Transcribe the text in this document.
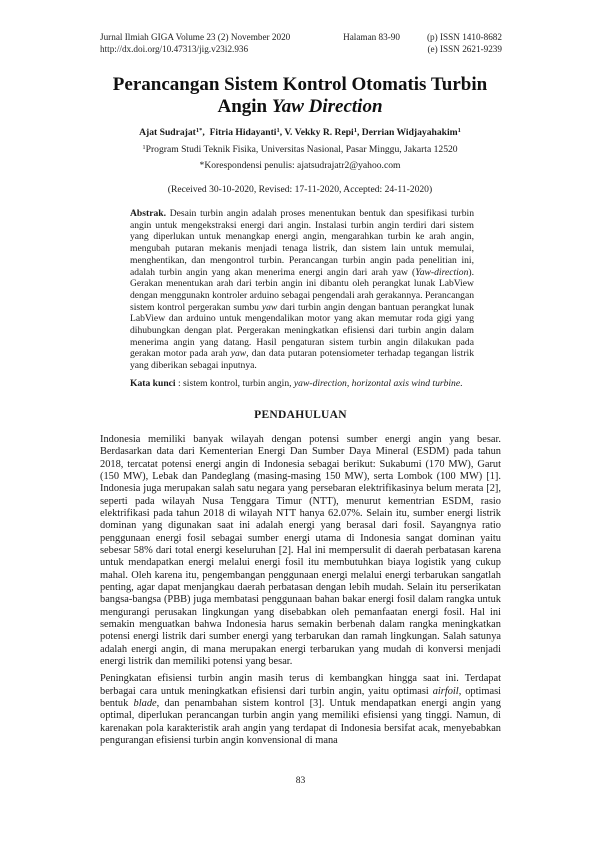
Jurnal Ilmiah GIGA Volume 23 (2) November 2020	Halaman 83-90	(p) ISSN 1410-8682
http://dx.doi.org/10.47313/jig.v23i2.936	(e) ISSN 2621-9239
Perancangan Sistem Kontrol Otomatis Turbin
Angin Yaw Direction
Ajat Sudrajat$^{1*}$,  Fitria Hidayanti$^1$, V. Vekky R. Repi$^1$, Derrian Widjayahakim$^1$
$^1$Program Studi Teknik Fisika, Universitas Nasional, Pasar Minggu, Jakarta 12520
*Korespondensi penulis: ajatsudrajatr2@yahoo.com
(Received 30-10-2020, Revised: 17-11-2020, Accepted: 24-11-2020)
Abstrak. Desain turbin angin adalah proses menentukan bentuk dan spesifikasi turbin angin untuk mengekstraksi energi dari angin. Instalasi turbin angin terdiri dari sistem yang diperlukan untuk menangkap energi angin, mengarahkan turbin ke arah angin, mengubah putaran mekanis menjadi tenaga listrik, dan sistem lain untuk memulai, menghentikan, dan mengontrol turbin. Perancangan turbin angin pada penelitian ini, adalah turbin angin yang akan menerima energi angin dari arah yaw (Yaw-direction). Gerakan menentukan arah dari terbin angin ini dibantu oleh perangkat lunak LabView dengan menggunakn kontroler arduino sebagai pengendali arah gerakannya. Perancangan sistem kontrol pergerakan sumbu yaw dari turbin angin dengan bantuan perangkat lunak LabView dan arduino untuk mengendalikan motor yang akan memutar roda gigi yang dihubungkan dengan plat. Pergerakan meningkatkan efisiensi dari turbin angin dalam menerima angin yang datang. Hasil pengaturan sistem turbin angin dilakukan pada gerakan motor pada arah yaw, dan data putaran potensiometer terhadap tegangan listrik yang diberikan sebagai inputnya.
Kata kunci : sistem kontrol, turbin angin, yaw-direction, horizontal axis wind turbine.
PENDAHULUAN
Indonesia memiliki banyak wilayah dengan potensi sumber energi angin yang besar. Berdasarkan data dari Kementerian Energi Dan Sumber Daya Mineral (ESDM) pada tahun 2018, tercatat potensi energi angin di Indonesia sebagai berikut: Sukabumi (170 MW), Garut (150 MW), Lebak dan Pandeglang (masing-masing 150 MW), serta Lombok (100 MW) [1]. Indonesia juga merupakan salah satu negara yang persebaran elektrifikasinya belum merata [2], seperti pada wilayah Nusa Tenggara Timur (NTT), menurut kementrian ESDM, rasio elektrifikasi pada tahun 2018 di wilayah NTT hanya 62.07%. Selain itu, sumber energi listrik dominan yang digunakan saat ini adalah energi yang berasal dari fosil. Sayangnya ratio penggunaan energi fosil sebagai sumber energi utama di Indonesia sangat dominan yaitu sebesar 58% dari total energi keseluruhan [2]. Hal ini mempersulit di daerah perbatasan karena untuk mendapatkan energi melalui energi fosil itu membutuhkan biaya logistik yang cukup mahal. Oleh karena itu, pengembangan penggunaan energi melalui energi terbarukan sangatlah penting, agar dapat menjangkau daerah perbatasan dengan lebih mudah. Selain itu perserikatan bangsa-bangsa (PBB) juga membatasi penggunaan bahan bakar energi fosil dalam rangka untuk mengurangi perusakan lingkungan yang disebabkan oleh pemanfaatan energi fosil. Hal ini semakin menguatkan bahwa Indonesia harus semakin berbenah dalam rangka meningkatkan potensi energi listrik dari sumber energi yang terbarukan dan ramah lingkungan. Salah satunya adalah energi angin, di mana merupakan energi terbarukan yang mudah di konversi menjadi energi listrik dan memiliki potensi yang besar.
Peningkatan efisiensi turbin angin masih terus di kembangkan hingga saat ini. Terdapat berbagai cara untuk meningkatkan efisiensi dari turbin angin, yaitu optimasi airfoil, optimasi bentuk blade, dan penambahan sistem kontrol [3]. Untuk mendapatkan energi angin yang optimal, diperlukan perancangan turbin angin yang memiliki efisiensi yang tinggi. Namun, di karenakan pola karakteristik arah angin yang terdapat di Indonesia bersifat acak, menyebabkan pengurangan efisiensi turbin angin konvensional di mana
83
